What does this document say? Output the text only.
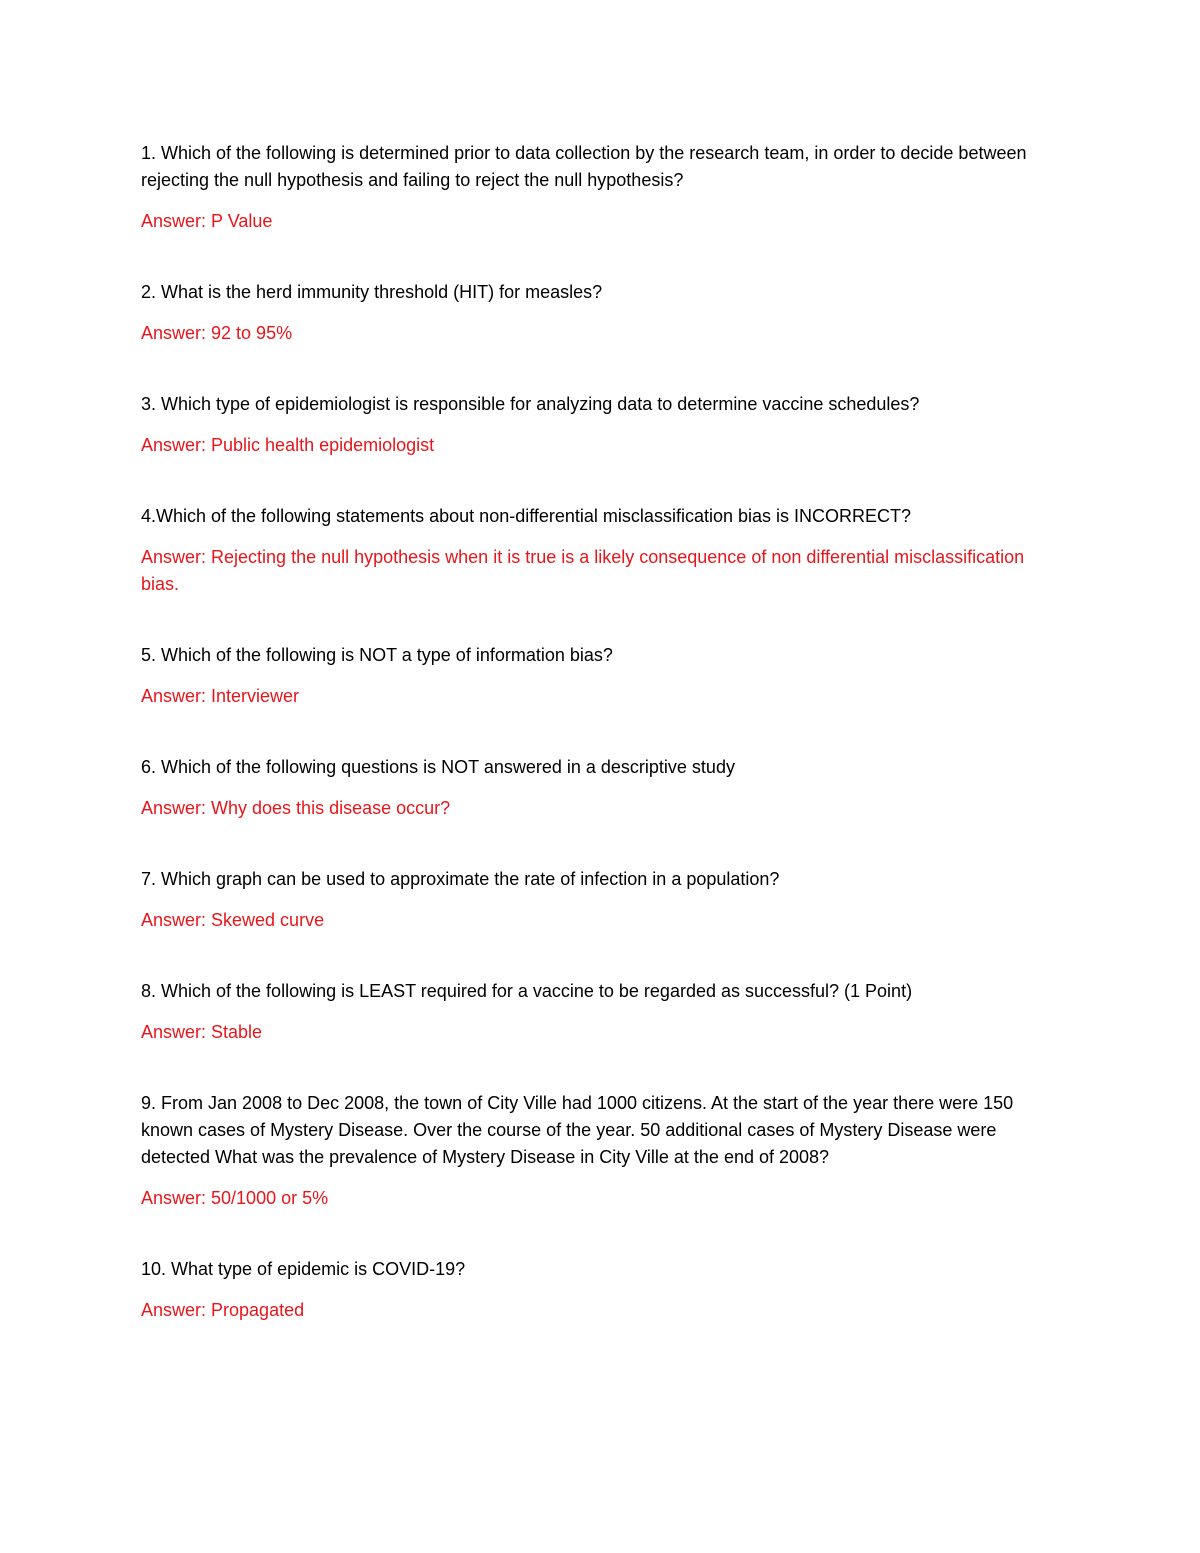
1. Which of the following is determined prior to data collection by the research team, in order to decide between rejecting the null hypothesis and failing to reject the null hypothesis?

Answer: P Value

2. What is the herd immunity threshold (HIT) for measles?

Answer: 92 to 95%

3. Which type of epidemiologist is responsible for analyzing data to determine vaccine schedules?

Answer: Public health epidemiologist

4.Which of the following statements about non-differential misclassification bias is INCORRECT?

Answer: Rejecting the null hypothesis when it is true is a likely consequence of non differential misclassification bias.

5. Which of the following is NOT a type of information bias?

Answer: Interviewer

6. Which of the following questions is NOT answered in a descriptive study

Answer: Why does this disease occur?

7. Which graph can be used to approximate the rate of infection in a population?

Answer: Skewed curve

8. Which of the following is LEAST required for a vaccine to be regarded as successful? (1 Point)

Answer: Stable

9. From Jan 2008 to Dec 2008, the town of City Ville had 1000 citizens. At the start of the year there were 150 known cases of Mystery Disease. Over the course of the year. 50 additional cases of Mystery Disease were detected What was the prevalence of Mystery Disease in City Ville at the end of 2008?

Answer: 50/1000 or 5%

10. What type of epidemic is COVID-19?

Answer: Propagated
